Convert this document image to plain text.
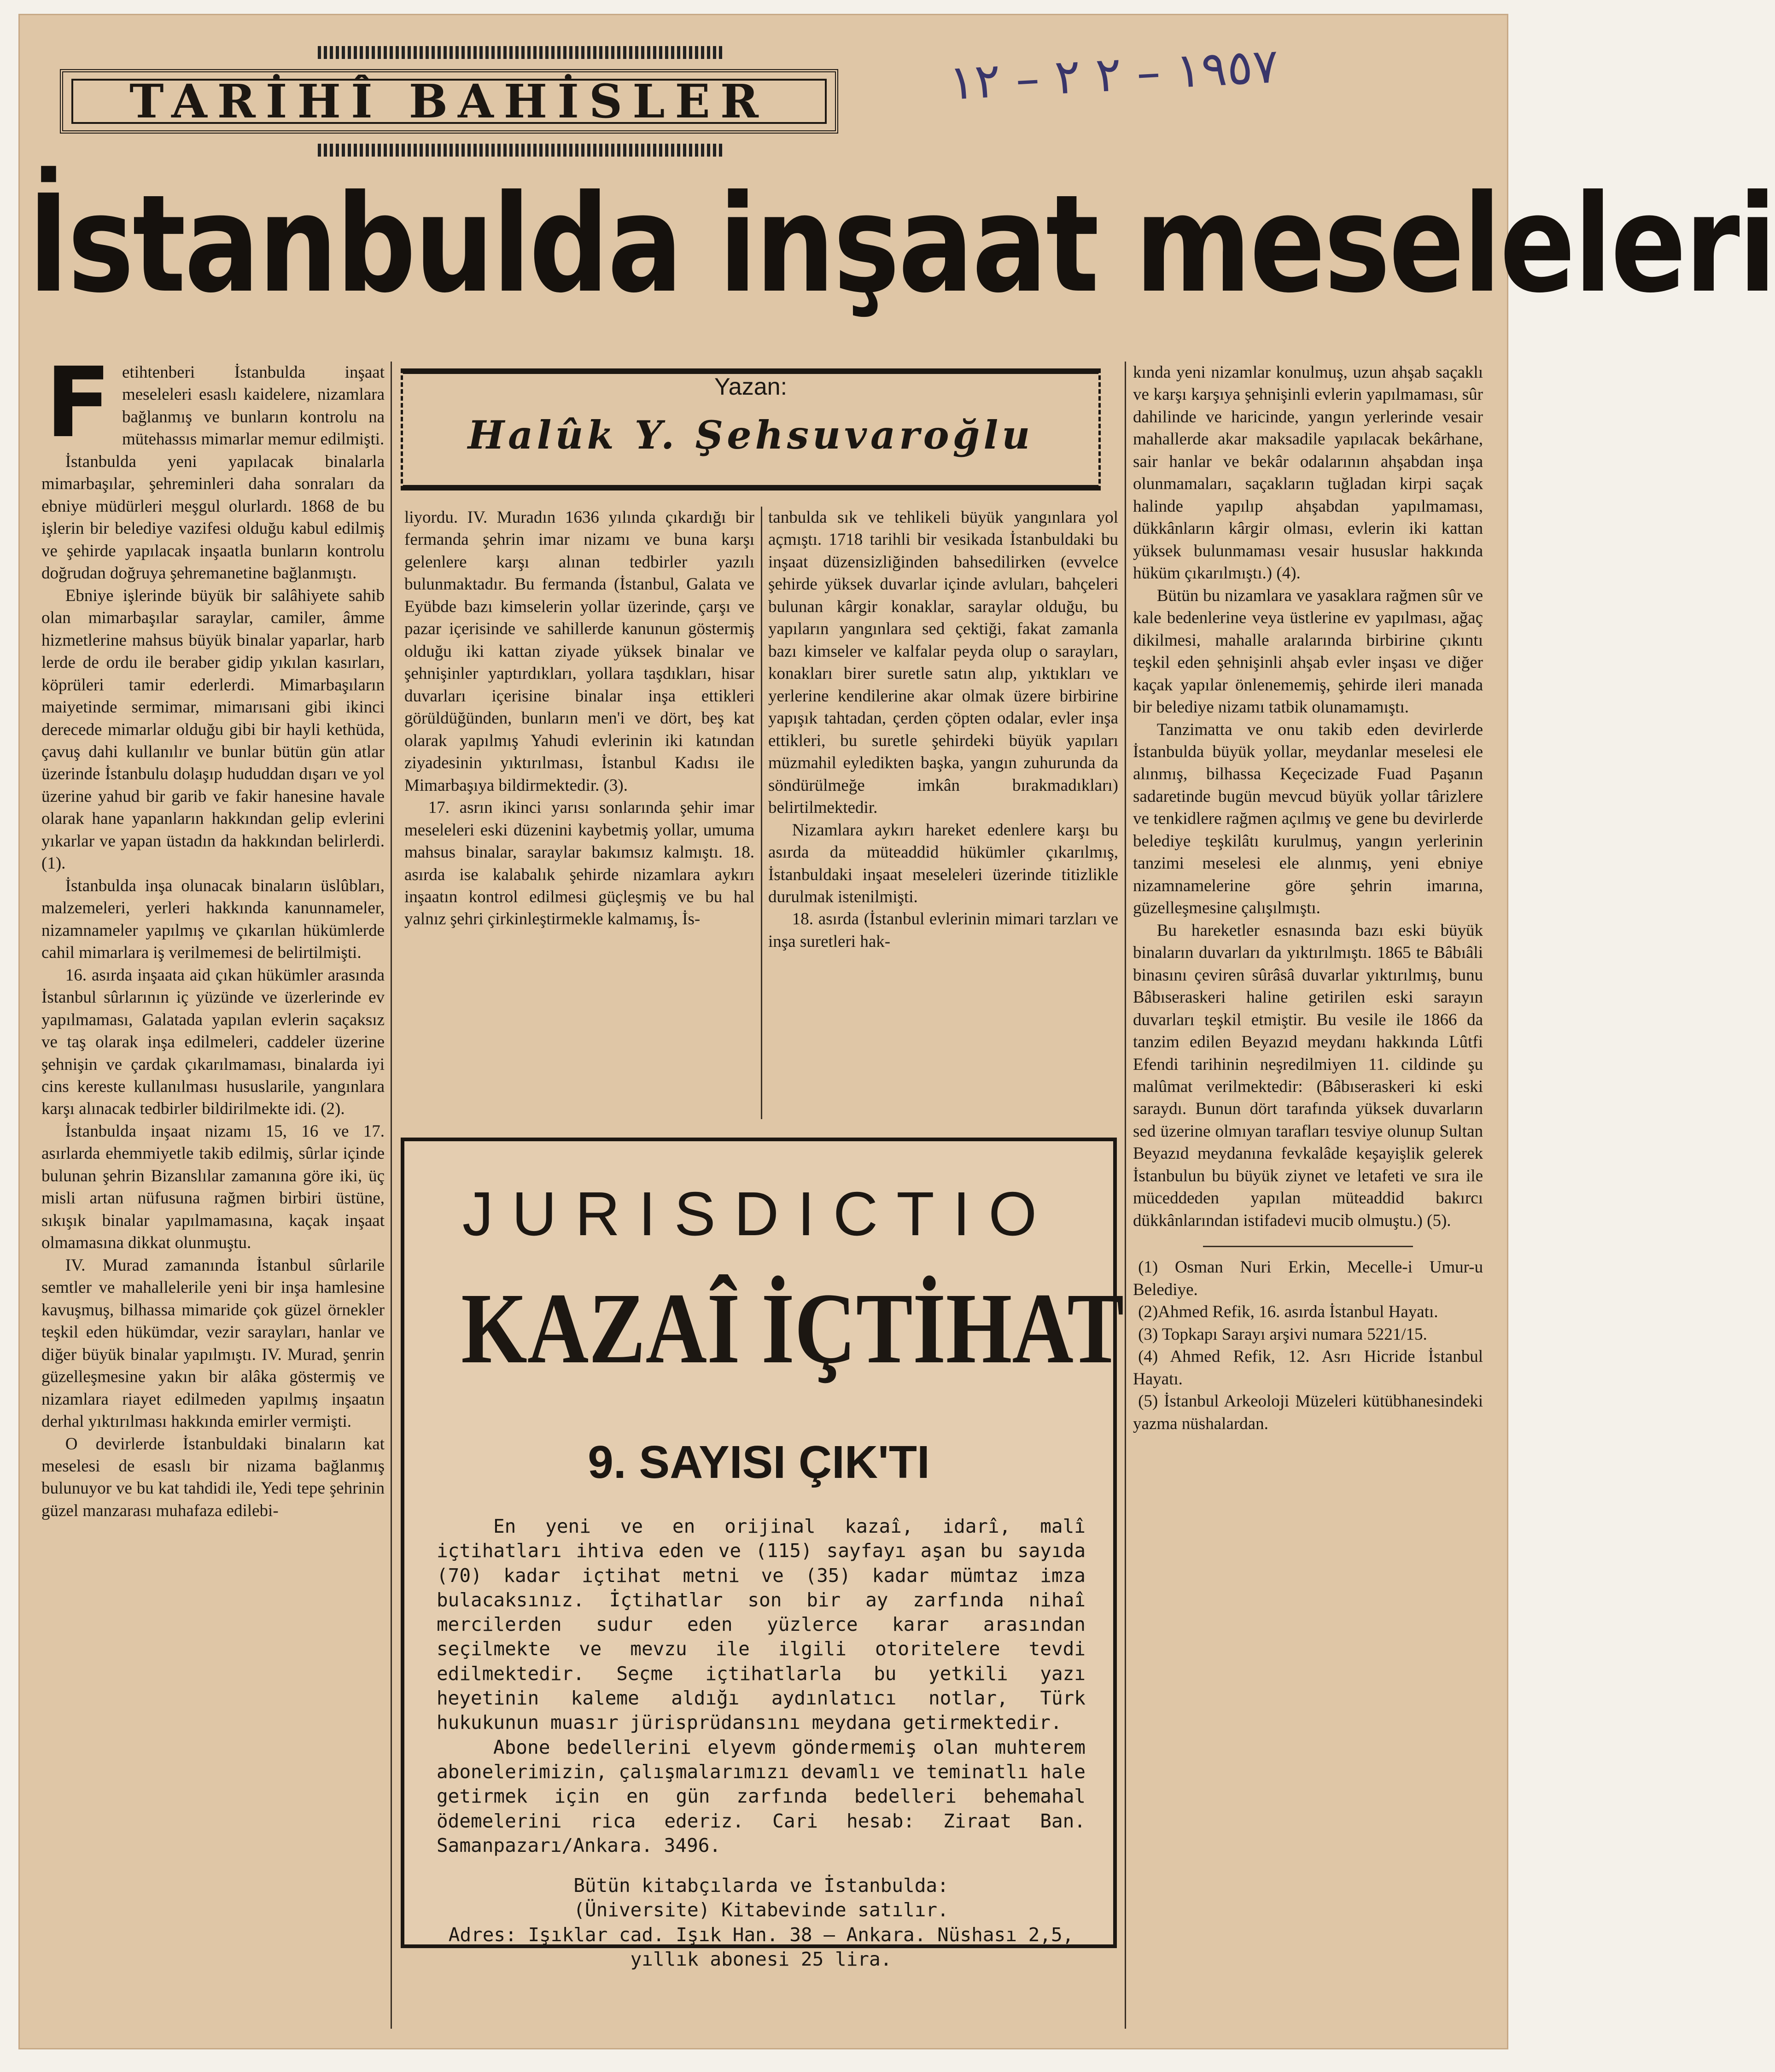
TARİHÎ BAHİSLER	١٩٥٧ – ٢ ٢ – ١٢
İstanbulda inşaat meseleleri
F etihtenberi İstanbulda inşaat meseleleri esaslı kaidelere, nizamlara bağlanmış ve bunların kontrolu na mütehassıs mimarlar memur edilmişti.

İstanbulda yeni yapılacak binalarla mimarbaşılar, şehreminleri daha sonraları da ebniye müdürleri meşgul olurlardı. 1868 de bu işlerin bir belediye vazifesi olduğu kabul edilmiş ve şehirde yapılacak inşaatla bunların kontrolu doğrudan doğruya şehremanetine bağlanmıştı.

Ebniye işlerinde büyük bir salâhiyete sahib olan mimarbaşılar saraylar, camiler, âmme hizmetlerine mahsus büyük binalar yaparlar, harb lerde de ordu ile beraber gidip yıkılan kasırları, köprüleri tamir ederlerdi. Mimarbaşıların maiyetinde sermimar, mimarısani gibi ikinci derecede mimarlar olduğu gibi bir hayli kethüda, çavuş dahi kullanılır ve bunlar bütün gün atlar üzerinde İstanbulu dolaşıp hududdan dışarı ve yol üzerine yahud bir garib ve fakir hanesine havale olarak hane yapanların hakkından gelip evlerini yıkarlar ve yapan üstadın da hakkından belirlerdi. (1).

İstanbulda inşa olunacak binaların üslûbları, malzemeleri, yerleri hakkında kanunnameler, nizamnameler yapılmış ve çıkarılan hükümlerde cahil mimarlara iş verilmemesi de belirtilmişti.

16. asırda inşaata aid çıkan hükümler arasında İstanbul sûrlarının iç yüzünde ve üzerlerinde ev yapılmaması, Galatada yapılan evlerin saçaksız ve taş olarak inşa edilmeleri, caddeler üzerine şehnişin ve çardak çıkarılmaması, binalarda iyi cins kereste kullanılması hususlarile, yangınlara karşı alınacak tedbirler bildirilmekte idi. (2).

İstanbulda inşaat nizamı 15, 16 ve 17. asırlarda ehemmiyetle takib edilmiş, sûrlar içinde bulunan şehrin Bizanslılar zamanına göre iki, üç misli artan nüfusuna rağmen birbiri üstüne, sıkışık binalar yapılmamasına, kaçak inşaat olmamasına dikkat olunmuştu.

IV. Murad zamanında İstanbul sûrlarile semtler ve mahallelerile yeni bir inşa hamlesine kavuşmuş, bilhassa mimaride çok güzel örnekler teşkil eden hükümdar, vezir sarayları, hanlar ve diğer büyük binalar yapılmıştı. IV. Murad, şenrin güzelleşmesine yakın bir alâka göstermiş ve nizamlara riayet edilmeden yapılmış inşaatın derhal yıktırılması hakkında emirler vermişti.

O devirlerde İstanbuldaki binaların kat meselesi de esaslı bir nizama bağlanmış bulunuyor ve bu kat tahdidi ile, Yedi tepe şehrinin güzel manzarası muhafaza edilebi-

Yazan:
Halûk Y. Şehsuvaroğlu

liyordu. IV. Muradın 1636 yılında çıkardığı bir fermanda şehrin imar nizamı ve buna karşı gelenlere karşı alınan tedbirler yazılı bulunmaktadır. Bu fermanda (İstanbul, Galata ve Eyübde bazı kimselerin yollar üzerinde, çarşı ve pazar içerisinde ve sahillerde kanunun göstermiş olduğu iki kattan ziyade yüksek binalar ve şehnişinler yaptırdıkları, yollara taşdıkları, hisar duvarları içerisine binalar inşa ettikleri görüldüğünden, bunların men'i ve dört, beş kat olarak yapılmış Yahudi evlerinin iki katından ziyadesinin yıktırılması, İstanbul Kadısı ile Mimarbaşıya bildirmektedir. (3).

17. asrın ikinci yarısı sonlarında şehir imar meseleleri eski düzenini kaybetmiş yollar, umuma mahsus binalar, saraylar bakımsız kalmıştı. 18. asırda ise kalabalık şehirde nizamlara aykırı inşaatın kontrol edilmesi güçleşmiş ve bu hal yalnız şehri çirkinleştirmekle kalmamış, İs-

tanbulda sık ve tehlikeli büyük yangınlara yol açmıştı. 1718 tarihli bir vesikada İstanbuldaki bu inşaat düzensizliğinden bahsedilirken (evvelce şehirde yüksek duvarlar içinde avluları, bahçeleri bulunan kârgir konaklar, saraylar olduğu, bu yapıların yangınlara sed çektiği, fakat zamanla bazı kimseler ve kalfalar peyda olup o sarayları, konakları birer suretle satın alıp, yıktıkları ve yerlerine kendilerine akar olmak üzere birbirine yapışık tahtadan, çerden çöpten odalar, evler inşa ettikleri, bu suretle şehirdeki büyük yapıları müzmahil eyledikten başka, yangın zuhurunda da söndürülmeğe imkân bırakmadıkları) belirtilmektedir.

Nizamlara aykırı hareket edenlere karşı bu asırda da müteaddid hükümler çıkarılmış, İstanbuldaki inşaat meseleleri üzerinde titizlikle durulmak istenilmişti.

18. asırda (İstanbul evlerinin mimari tarzları ve inşa suretleri hak-

kında yeni nizamlar konulmuş, uzun ahşab saçaklı ve karşı karşıya şehnişinli evlerin yapılmaması, sûr dahilinde ve haricinde, yangın yerlerinde vesair mahallerde akar maksadile yapılacak bekârhane, sair hanlar ve bekâr odalarının ahşabdan inşa olunmamaları, saçakların tuğladan kirpi saçak halinde yapılıp ahşabdan yapılmaması, dükkânların kârgir olması, evlerin iki kattan yüksek bulunmaması vesair hususlar hakkında hüküm çıkarılmıştı.) (4).

Bütün bu nizamlara ve yasaklara rağmen sûr ve kale bedenlerine veya üstlerine ev yapılması, ağaç dikilmesi, mahalle aralarında birbirine çıkıntı teşkil eden şehnişinli ahşab evler inşası ve diğer kaçak yapılar önlenememiş, şehirde ileri manada bir belediye nizamı tatbik olunamamıştı.

Tanzimatta ve onu takib eden devirlerde İstanbulda büyük yollar, meydanlar meselesi ele alınmış, bilhassa Keçecizade Fuad Paşanın sadaretinde bugün mevcud büyük yollar târizlere ve tenkidlere rağmen açılmış ve gene bu devirlerde belediye teşkilâtı kurulmuş, yangın yerlerinin tanzimi meselesi ele alınmış, yeni ebniye nizamnamelerine göre şehrin imarına, güzelleşmesine çalışılmıştı.

Bu hareketler esnasında bazı eski büyük binaların duvarları da yıktırılmıştı. 1865 te Bâbıâli binasını çeviren sûrâsâ duvarlar yıktırılmış, bunu Bâbıseraskeri haline getirilen eski sarayın duvarları teşkil etmiştir. Bu vesile ile 1866 da tanzim edilen Beyazıd meydanı hakkında Lûtfi Efendi tarihinin neşredilmiyen 11. cildinde şu malûmat verilmektedir: (Bâbıseraskeri ki eski saraydı. Bunun dört tarafında yüksek duvarların sed üzerine olmıyan tarafları tesviye olunup Sultan Beyazıd meydanına fevkalâde keşayişlik gelerek İstanbulun bu büyük ziynet ve letafeti ve sıra ile müceddeden yapılan müteaddid bakırcı dükkânlarından istifadevi mucib olmuştu.) (5).

(1) Osman Nuri Erkin, Mecelle-i Umur-u Belediye.

(2)Ahmed Refik, 16. asırda İstanbul Hayatı.

(3) Topkapı Sarayı arşivi numara 5221/15.

(4) Ahmed Refik, 12. Asrı Hicride İstanbul Hayatı.

(5) İstanbul Arkeoloji Müzeleri kütübhanesindeki yazma nüshalardan.

JURISDICTIO
KAZAÎ İÇTİHAT
9. SAYISI ÇIK'TI

En yeni ve en orijinal kazaî, idarî, malî içtihatları ihtiva eden ve (115) sayfayı aşan bu sayıda (70) kadar içtihat metni ve (35) kadar mümtaz imza bulacaksınız. İçtihatlar son bir ay zarfında nihaî mercilerden sudur eden yüzlerce karar arasından seçilmekte ve mevzu ile ilgili otoritelere tevdi edilmektedir. Seçme içtihatlarla bu yetkili yazı heyetinin kaleme aldığı aydınlatıcı notlar, Türk hukukunun muasır jürisprüdansını meydana getirmektedir.

Abone bedellerini elyevm göndermemiş olan muhterem abonelerimizin, çalışmalarımızı devamlı ve teminatlı hale getirmek için en gün zarfında bedelleri behemahal ödemelerini rica ederiz. Cari hesab: Ziraat Ban. Samanpazarı/Ankara. 3496.

Bütün kitabçılarda ve İstanbulda:
(Üniversite) Kitabevinde satılır.
Adres: Işıklar cad. Işık Han. 38 — Ankara. Nüshası 2,5, yıllık abonesi 25 lira.
